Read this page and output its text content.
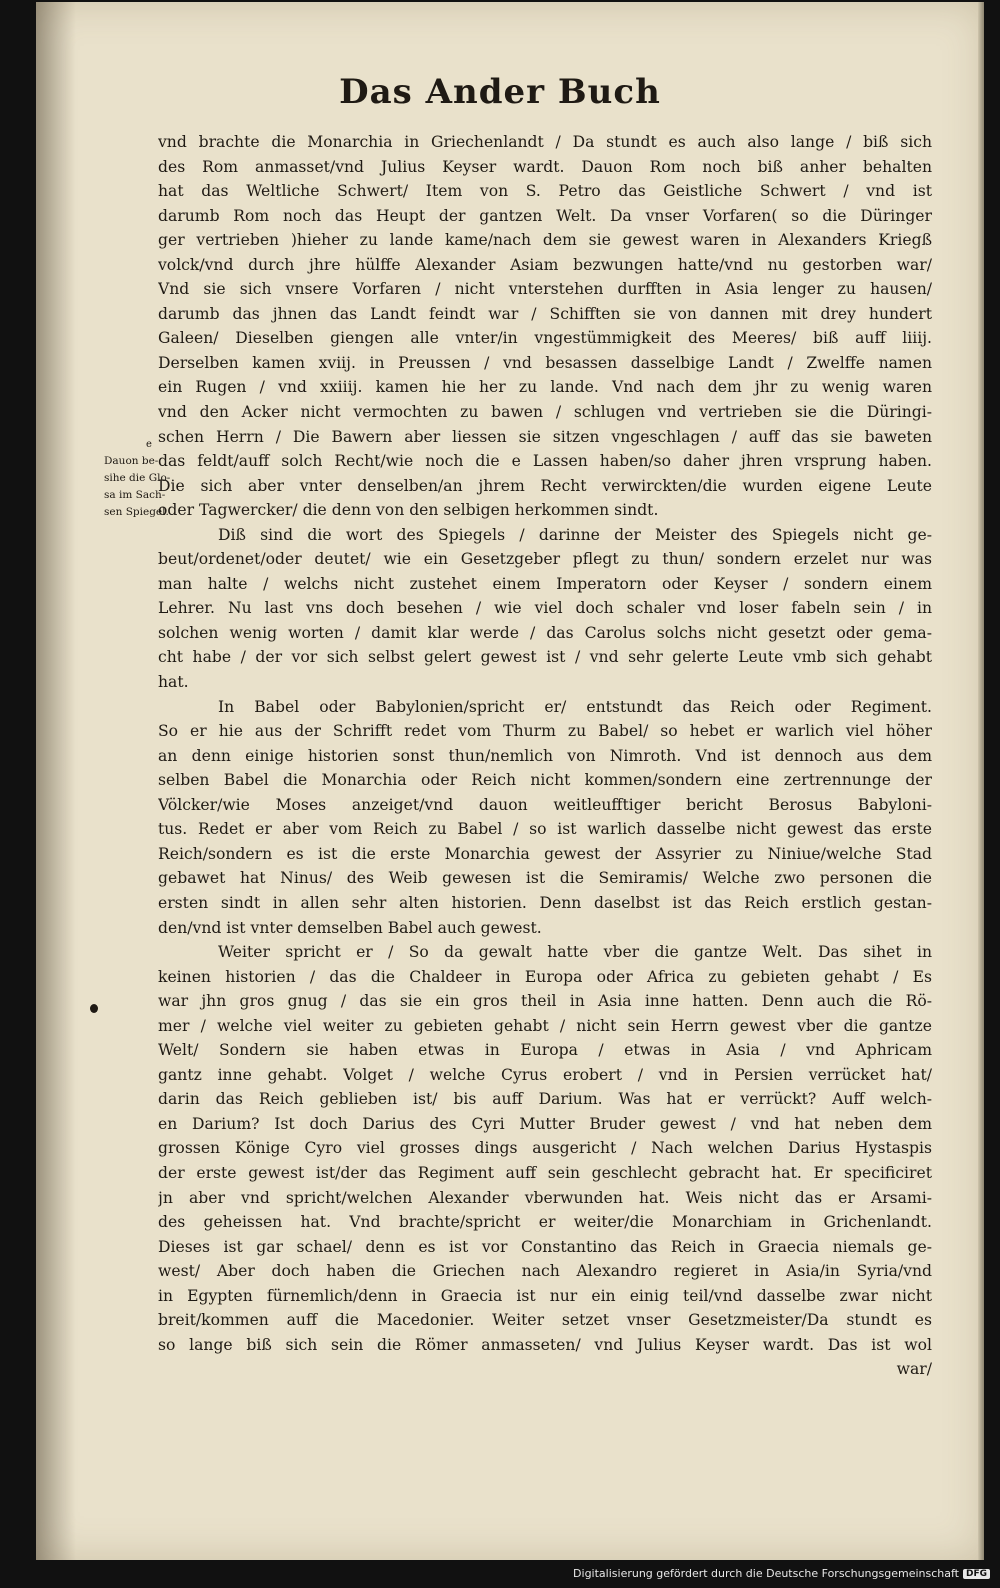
Das Ander Buch
e
Dauon be-
sihe die Glo-
sa im Sach-
sen Spiegel.
vnd brachte die Monarchia in Griechenlandt / Da stundt es auch also lange / biß sich
des Rom anmasset/vnd Julius Keyser wardt. Dauon Rom noch biß anher behalten
hat das Weltliche Schwert/ Item von S. Petro das Geistliche Schwert / vnd ist
darumb Rom noch das Heupt der gantzen Welt. Da vnser Vorfaren( so die Düringer
ger vertrieben )hieher zu lande kame/nach dem sie gewest waren in Alexanders Kriegß
volck/vnd durch jhre hülffe Alexander Asiam bezwungen hatte/vnd nu gestorben war/
Vnd sie sich vnsere Vorfaren / nicht vnterstehen durfften in Asia lenger zu hausen/
darumb das jhnen das Landt feindt war / Schifften sie von dannen mit drey hundert
Galeen/ Dieselben giengen alle vnter/in vngestümmigkeit des Meeres/ biß auff liiij.
Derselben kamen xviij. in Preussen / vnd besassen dasselbige Landt / Zwelffe namen
ein Rugen / vnd xxiiij. kamen hie her zu lande. Vnd nach dem jhr zu wenig waren
vnd den Acker nicht vermochten zu bawen / schlugen vnd vertrieben sie die Düringi-
schen Herrn / Die Bawern aber liessen sie sitzen vngeschlagen / auff das sie baweten
das feldt/auff solch Recht/wie noch die e Lassen haben/so daher jhren vrsprung haben.
Die sich aber vnter denselben/an jhrem Recht verwirckten/die wurden eigene Leute
oder Tagwercker/ die denn von den selbigen herkommen sindt.
Diß sind die wort des Spiegels / darinne der Meister des Spiegels nicht ge-
beut/ordenet/oder deutet/ wie ein Gesetzgeber pflegt zu thun/ sondern erzelet nur was
man halte / welchs nicht zustehet einem Imperatorn oder Keyser / sondern einem
Lehrer. Nu last vns doch besehen / wie viel doch schaler vnd loser fabeln sein / in
solchen wenig worten / damit klar werde / das Carolus solchs nicht gesetzt oder gema-
cht habe / der vor sich selbst gelert gewest ist / vnd sehr gelerte Leute vmb sich gehabt
hat.
In Babel oder Babylonien/spricht er/ entstundt das Reich oder Regiment.
So er hie aus der Schrifft redet vom Thurm zu Babel/ so hebet er warlich viel höher
an denn einige historien sonst thun/nemlich von Nimroth. Vnd ist dennoch aus dem
selben Babel die Monarchia oder Reich nicht kommen/sondern eine zertrennunge der
Völcker/wie Moses anzeiget/vnd dauon weitleufftiger bericht Berosus Babyloni-
tus. Redet er aber vom Reich zu Babel / so ist warlich dasselbe nicht gewest das erste
Reich/sondern es ist die erste Monarchia gewest der Assyrier zu Niniue/welche Stad
gebawet hat Ninus/ des Weib gewesen ist die Semiramis/ Welche zwo personen die
ersten sindt in allen sehr alten historien. Denn daselbst ist das Reich erstlich gestan-
den/vnd ist vnter demselben Babel auch gewest.
Weiter spricht er / So da gewalt hatte vber die gantze Welt. Das sihet in
keinen historien / das die Chaldeer in Europa oder Africa zu gebieten gehabt / Es
war jhn gros gnug / das sie ein gros theil in Asia inne hatten. Denn auch die Rö-
mer / welche viel weiter zu gebieten gehabt / nicht sein Herrn gewest vber die gantze
Welt/ Sondern sie haben etwas in Europa / etwas in Asia / vnd Aphricam
gantz inne gehabt. Volget / welche Cyrus erobert / vnd in Persien verrücket hat/
darin das Reich geblieben ist/ bis auff Darium. Was hat er verrückt? Auff welch-
en Darium? Ist doch Darius des Cyri Mutter Bruder gewest / vnd hat neben dem
grossen Könige Cyro viel grosses dings ausgericht / Nach welchen Darius Hystaspis
der erste gewest ist/der das Regiment auff sein geschlecht gebracht hat. Er specificiret
jn aber vnd spricht/welchen Alexander vberwunden hat. Weis nicht das er Arsami-
des geheissen hat. Vnd brachte/spricht er weiter/die Monarchiam in Grichenlandt.
Dieses ist gar schael/ denn es ist vor Constantino das Reich in Graecia niemals ge-
west/ Aber doch haben die Griechen nach Alexandro regieret in Asia/in Syria/vnd
in Egypten fürnemlich/denn in Graecia ist nur ein einig teil/vnd dasselbe zwar nicht
breit/kommen auff die Macedonier. Weiter setzet vnser Gesetzmeister/Da stundt es
so lange biß sich sein die Römer anmasseten/ vnd Julius Keyser wardt. Das ist wol
war/
Digitalisierung gefördert durch die Deutsche Forschungsgemeinschaft DFG
